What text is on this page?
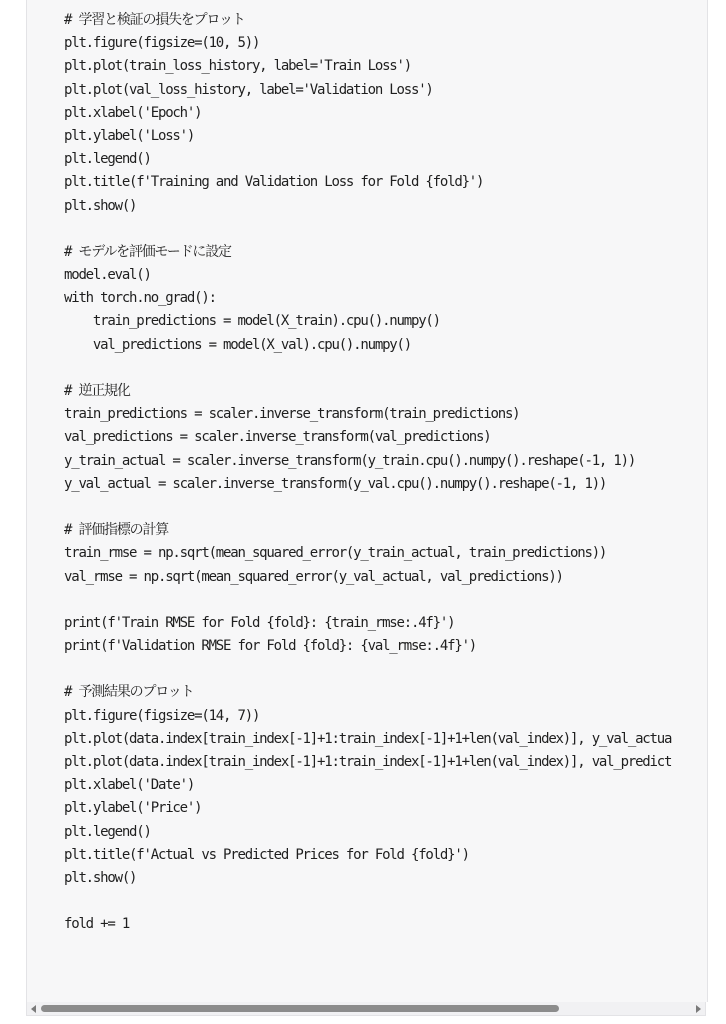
# 学習と検証の損失をプロット
plt.figure(figsize=(10, 5))
plt.plot(train_loss_history, label='Train Loss')
plt.plot(val_loss_history, label='Validation Loss')
plt.xlabel('Epoch')
plt.ylabel('Loss')
plt.legend()
plt.title(f'Training and Validation Loss for Fold {fold}')
plt.show()
# モデルを評価モードに設定
model.eval()
with torch.no_grad():
train_predictions = model(X_train).cpu().numpy()
val_predictions = model(X_val).cpu().numpy()
# 逆正規化
train_predictions = scaler.inverse_transform(train_predictions)
val_predictions = scaler.inverse_transform(val_predictions)
y_train_actual = scaler.inverse_transform(y_train.cpu().numpy().reshape(-1, 1))
y_val_actual = scaler.inverse_transform(y_val.cpu().numpy().reshape(-1, 1))
# 評価指標の計算
train_rmse = np.sqrt(mean_squared_error(y_train_actual, train_predictions))
val_rmse = np.sqrt(mean_squared_error(y_val_actual, val_predictions))
print(f'Train RMSE for Fold {fold}: {train_rmse:.4f}')
print(f'Validation RMSE for Fold {fold}: {val_rmse:.4f}')
# 予測結果のプロット
plt.figure(figsize=(14, 7))
plt.plot(data.index[train_index[-1]+1:train_index[-1]+1+len(val_index)], y_val_actua
plt.plot(data.index[train_index[-1]+1:train_index[-1]+1+len(val_index)], val_predict
plt.xlabel('Date')
plt.ylabel('Price')
plt.legend()
plt.title(f'Actual vs Predicted Prices for Fold {fold}')
plt.show()
fold += 1
